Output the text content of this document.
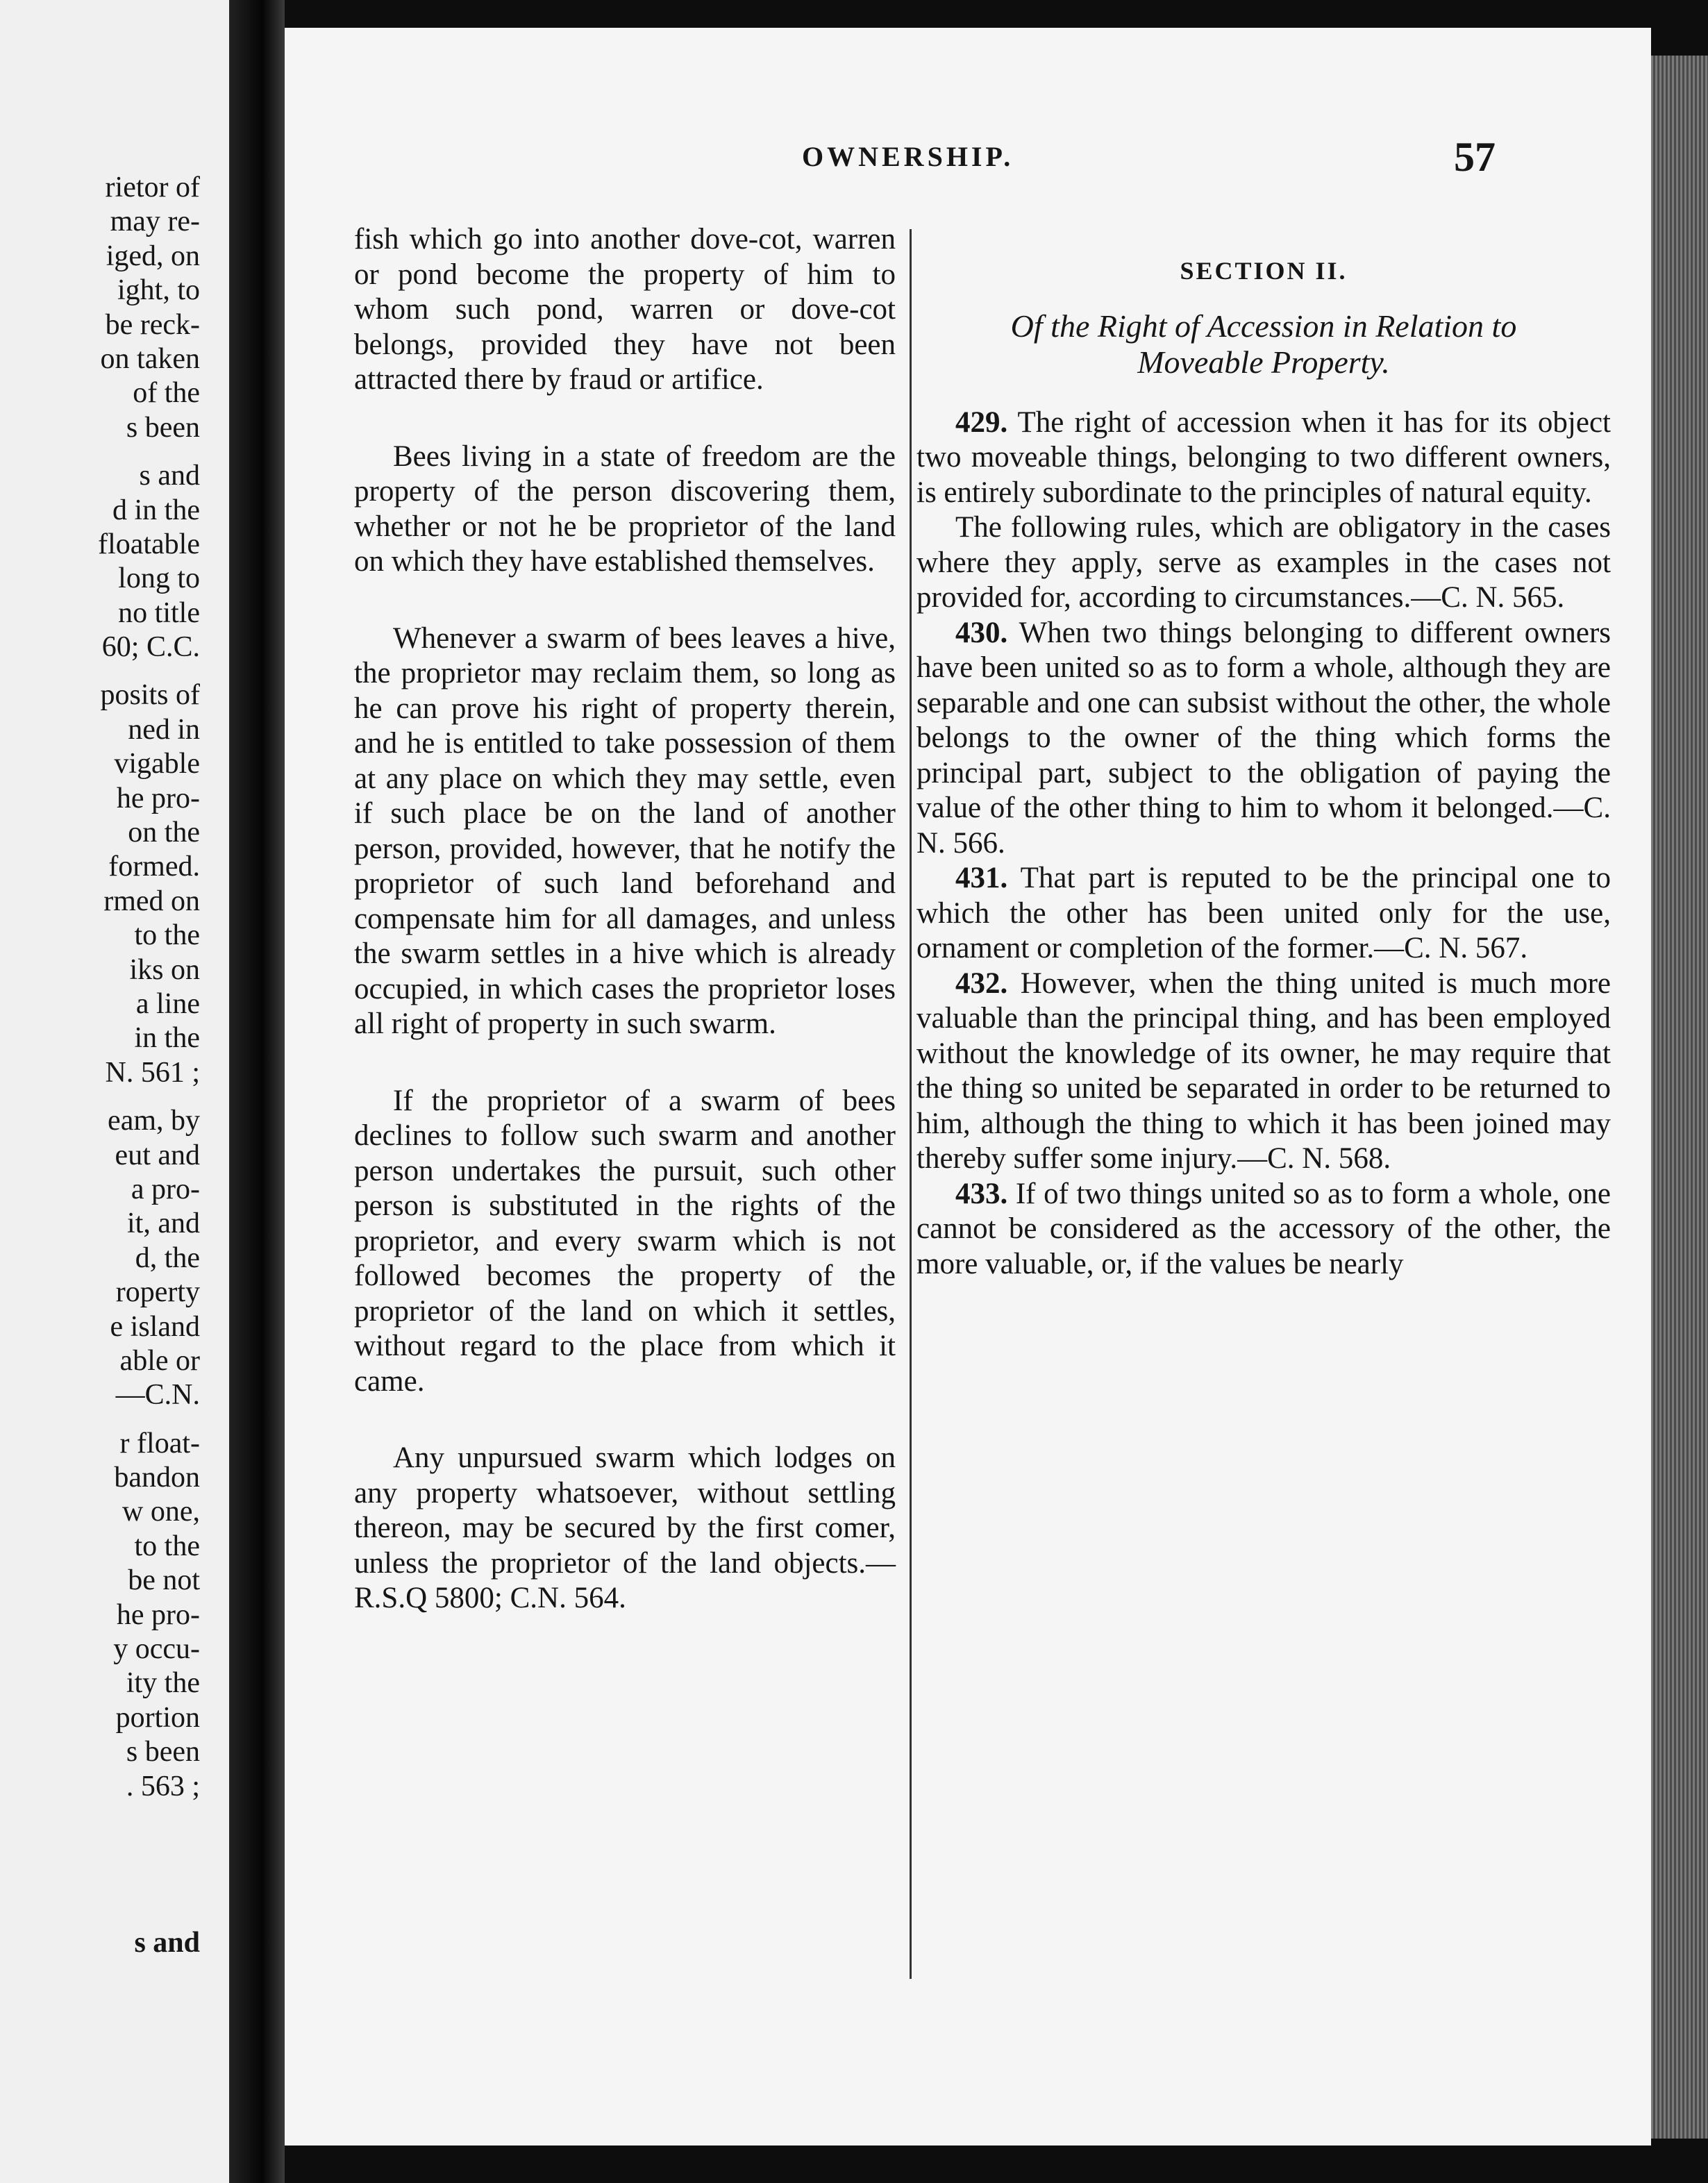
rietor of
may re-
iged, on
ight, to
be reck-
on taken
of the
s been

s and
d in the
floatable
long to
no title
60; C.C.

posits of
ned in
vigable
he pro-
on the
formed.
rmed on
to the
iks on
a line
in the
N. 561 ;

eam, by
eut and
a pro-
it, and
d, the
roperty
e island
able or
—C.N.

r float-
bandon
w one,
to the
be not
he pro-
y occu-
ity the
portion
s been
. 563 ;
s and
OWNERSHIP.	57

fish which go into another dove-cot, warren or pond become the property of him to whom such pond, warren or dove-cot belongs, provided they have not been attracted there by fraud or artifice.

Bees living in a state of freedom are the property of the person discovering them, whether or not he be proprietor of the land on which they have established themselves.

Whenever a swarm of bees leaves a hive, the proprietor may reclaim them, so long as he can prove his right of property therein, and he is entitled to take possession of them at any place on which they may settle, even if such place be on the land of another person, provided, however, that he notify the proprietor of such land beforehand and compensate him for all damages, and unless the swarm settles in a hive which is already occupied, in which cases the proprietor loses all right of property in such swarm.

If the proprietor of a swarm of bees declines to follow such swarm and another person undertakes the pursuit, such other person is substituted in the rights of the proprietor, and every swarm which is not followed becomes the property of the proprietor of the land on which it settles, without regard to the place from which it came.

Any unpursued swarm which lodges on any property whatsoever, without settling thereon, may be secured by the first comer, unless the proprietor of the land objects.—R.S.Q 5800; C.N. 564.

SECTION II.
Of the Right of Accession in Relation to Moveable Property.

429. The right of accession when it has for its object two moveable things, belonging to two different owners, is entirely subordinate to the principles of natural equity.

The following rules, which are obligatory in the cases where they apply, serve as examples in the cases not provided for, according to circumstances.—C. N. 565.

430. When two things belonging to different owners have been united so as to form a whole, although they are separable and one can subsist without the other, the whole belongs to the owner of the thing which forms the principal part, subject to the obligation of paying the value of the other thing to him to whom it belonged.—C. N. 566.

431. That part is reputed to be the principal one to which the other has been united only for the use, ornament or completion of the former.—C. N. 567.

432. However, when the thing united is much more valuable than the principal thing, and has been employed without the knowledge of its owner, he may require that the thing so united be separated in order to be returned to him, although the thing to which it has been joined may thereby suffer some injury.—C. N. 568.

433. If of two things united so as to form a whole, one cannot be considered as the accessory of the other, the more valuable, or, if the values be nearly
